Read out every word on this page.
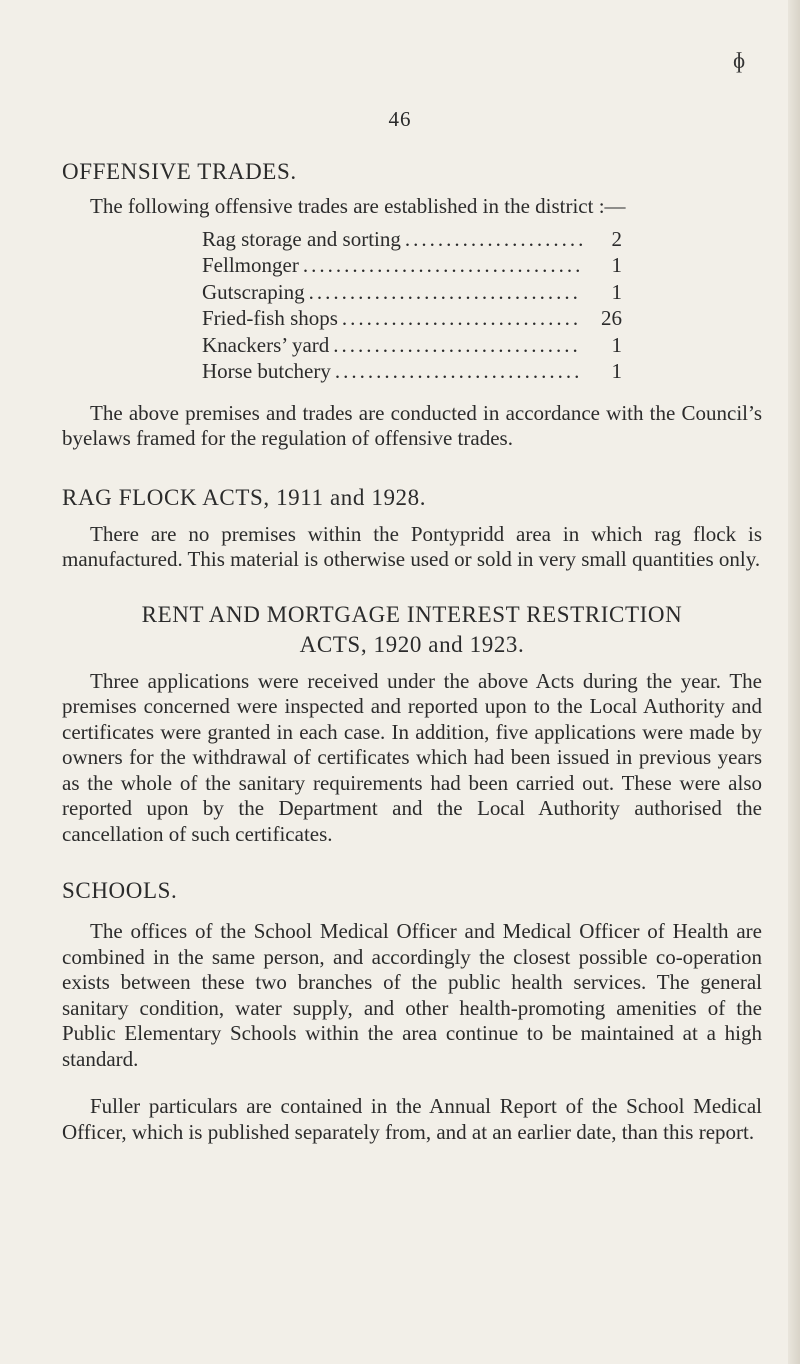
ɸ
46
OFFENSIVE TRADES.

The following offensive trades are established in the district :—

Rag storage and sorting .....	2
Fellmonger .....	1
Gutscraping .....	1
Fried-fish shops .....	26
Knackers’ yard .....	1
Horse butchery .....	1

The above premises and trades are conducted in accordance with the Council’s byelaws framed for the regulation of offensive trades.

RAG FLOCK ACTS, 1911 and 1928.

There are no premises within the Pontypridd area in which rag flock is manufactured. This material is otherwise used or sold in very small quantities only.

RENT AND MORTGAGE INTEREST RESTRICTION
ACTS, 1920 and 1923.

Three applications were received under the above Acts during the year. The premises concerned were inspected and reported upon to the Local Authority and certificates were granted in each case. In addition, five applications were made by owners for the withdrawal of certificates which had been issued in previous years as the whole of the sanitary requirements had been carried out. These were also reported upon by the Department and the Local Authority authorised the cancellation of such certificates.

SCHOOLS.

The offices of the School Medical Officer and Medical Officer of Health are combined in the same person, and accordingly the closest possible co-operation exists between these two branches of the public health services. The general sanitary condition, water supply, and other health-promoting amenities of the Public Elementary Schools within the area continue to be maintained at a high standard.

Fuller particulars are contained in the Annual Report of the School Medical Officer, which is published separately from, and at an earlier date, than this report.
